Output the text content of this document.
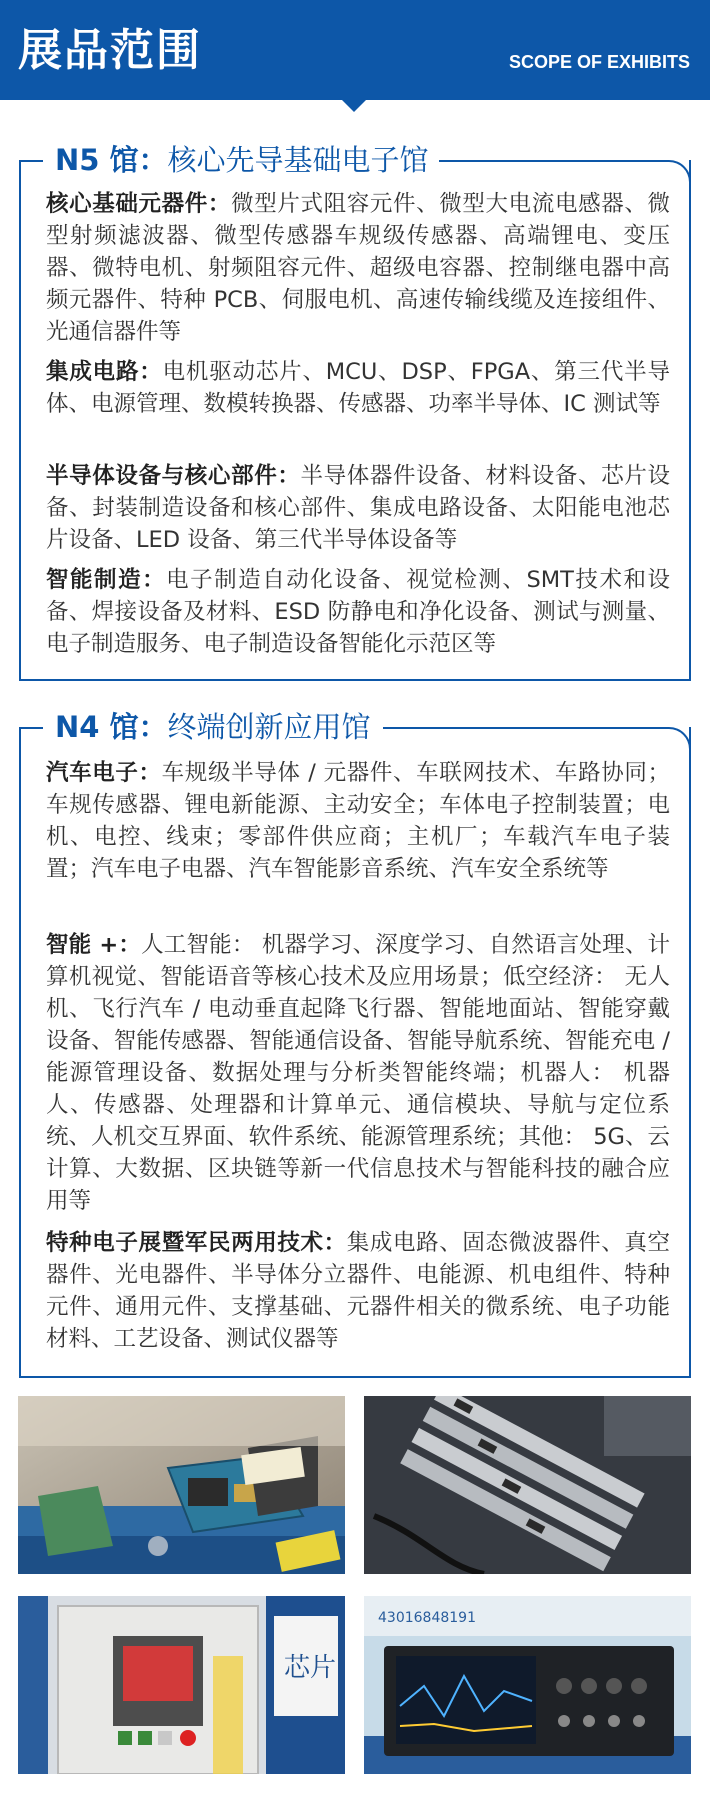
展品范围	SCOPE OF EXHIBITS
N5 馆：核心先导基础电子馆
核心基础元器件：微型片式阻容元件、微型大电流电感器、微型射频滤波器、微型传感器车规级传感器、高端锂电、变压器、微特电机、射频阻容元件、超级电容器、控制继电器中高频元器件、特种 PCB、伺服电机、高速传输线缆及连接组件、光通信器件等
集成电路：电机驱动芯片、MCU、DSP、FPGA、第三代半导体、电源管理、数模转换器、传感器、功率半导体、IC 测试等
半导体设备与核心部件：半导体器件设备、材料设备、芯片设备、封装制造设备和核心部件、集成电路设备、太阳能电池芯片设备、LED 设备、第三代半导体设备等
智能制造：电子制造自动化设备、视觉检测、SMT技术和设备、焊接设备及材料、ESD 防静电和净化设备、测试与测量、电子制造服务、电子制造设备智能化示范区等
N4 馆：终端创新应用馆
汽车电子：车规级半导体 / 元器件、车联网技术、车路协同；车规传感器、锂电新能源、主动安全；车体电子控制装置；电机、电控、线束；零部件供应商；主机厂；车载汽车电子装置；汽车电子电器、汽车智能影音系统、汽车安全系统等
智能 +：人工智能： 机器学习、深度学习、自然语言处理、计算机视觉、智能语音等核心技术及应用场景；低空经济： 无人机、飞行汽车 / 电动垂直起降飞行器、智能地面站、智能穿戴设备、智能传感器、智能通信设备、智能导航系统、智能充电 / 能源管理设备、数据处理与分析类智能终端；机器人： 机器人、传感器、处理器和计算单元、通信模块、导航与定位系统、人机交互界面、软件系统、能源管理系统；其他： 5G、云计算、大数据、区块链等新一代信息技术与智能科技的融合应用等
特种电子展暨军民两用技术：集成电路、固态微波器件、真空器件、光电器件、半导体分立器件、电能源、机电组件、特种元件、通用元件、支撑基础、元器件相关的微系统、电子功能材料、工艺设备、测试仪器等
芯片
43016848191
